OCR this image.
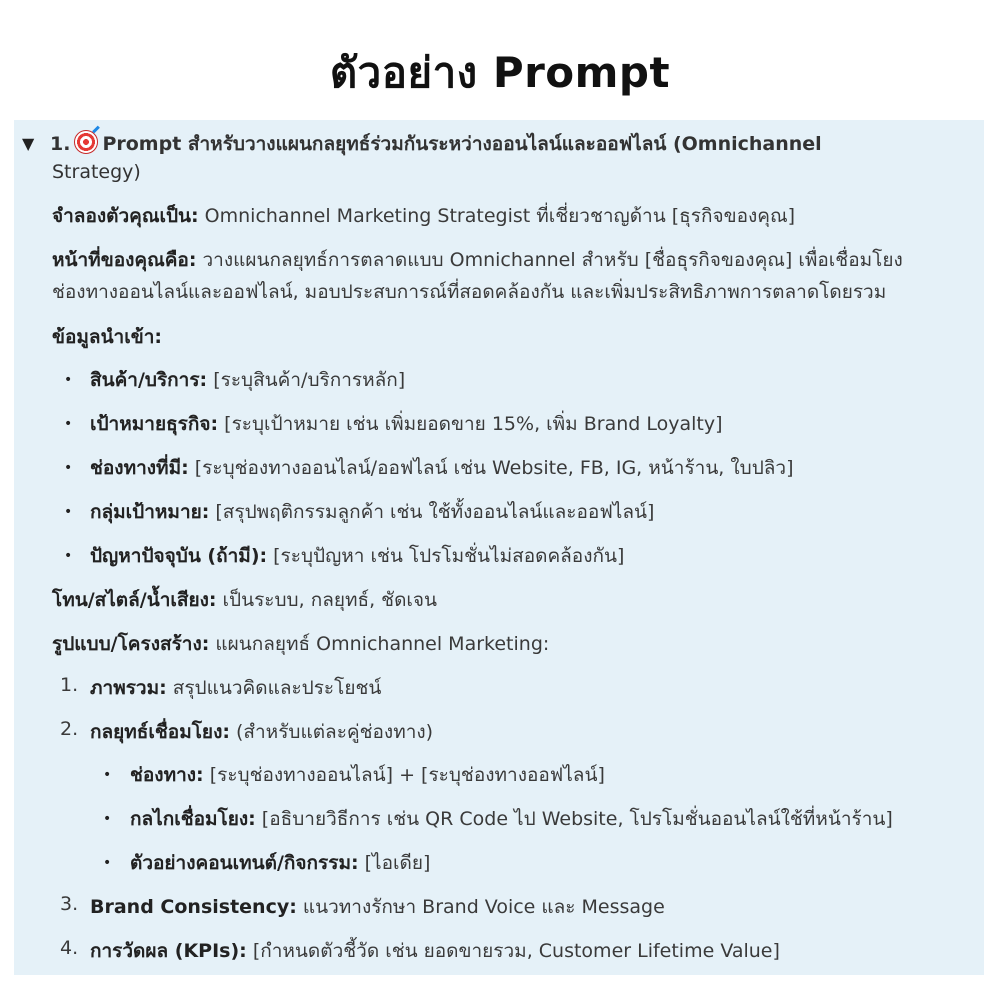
ตัวอย่าง Prompt
▼ 1. Prompt สำหรับวางแผนกลยุทธ์ร่วมกันระหว่างออนไลน์และออฟไลน์ (Omnichannel
Strategy)
จำลองตัวคุณเป็น: Omnichannel Marketing Strategist ที่เชี่ยวชาญด้าน [ธุรกิจของคุณ]
หน้าที่ของคุณคือ: วางแผนกลยุทธ์การตลาดแบบ Omnichannel สำหรับ [ชื่อธุรกิจของคุณ] เพื่อเชื่อมโยง
ช่องทางออนไลน์และออฟไลน์, มอบประสบการณ์ที่สอดคล้องกัน และเพิ่มประสิทธิภาพการตลาดโดยรวม
ข้อมูลนำเข้า:
• สินค้า/บริการ: [ระบุสินค้า/บริการหลัก]
• เป้าหมายธุรกิจ: [ระบุเป้าหมาย เช่น เพิ่มยอดขาย 15%, เพิ่ม Brand Loyalty]
• ช่องทางที่มี: [ระบุช่องทางออนไลน์/ออฟไลน์ เช่น Website, FB, IG, หน้าร้าน, ใบปลิว]
• กลุ่มเป้าหมาย: [สรุปพฤติกรรมลูกค้า เช่น ใช้ทั้งออนไลน์และออฟไลน์]
• ปัญหาปัจจุบัน (ถ้ามี): [ระบุปัญหา เช่น โปรโมชั่นไม่สอดคล้องกัน]
โทน/สไตล์/น้ำเสียง: เป็นระบบ, กลยุทธ์, ชัดเจน
รูปแบบ/โครงสร้าง: แผนกลยุทธ์ Omnichannel Marketing:
1. ภาพรวม: สรุปแนวคิดและประโยชน์
2. กลยุทธ์เชื่อมโยง: (สำหรับแต่ละคู่ช่องทาง)
• ช่องทาง: [ระบุช่องทางออนไลน์] + [ระบุช่องทางออฟไลน์]
• กลไกเชื่อมโยง: [อธิบายวิธีการ เช่น QR Code ไป Website, โปรโมชั่นออนไลน์ใช้ที่หน้าร้าน]
• ตัวอย่างคอนเทนต์/กิจกรรม: [ไอเดีย]
3. Brand Consistency: แนวทางรักษา Brand Voice และ Message
4. การวัดผล (KPIs): [กำหนดตัวชี้วัด เช่น ยอดขายรวม, Customer Lifetime Value]
